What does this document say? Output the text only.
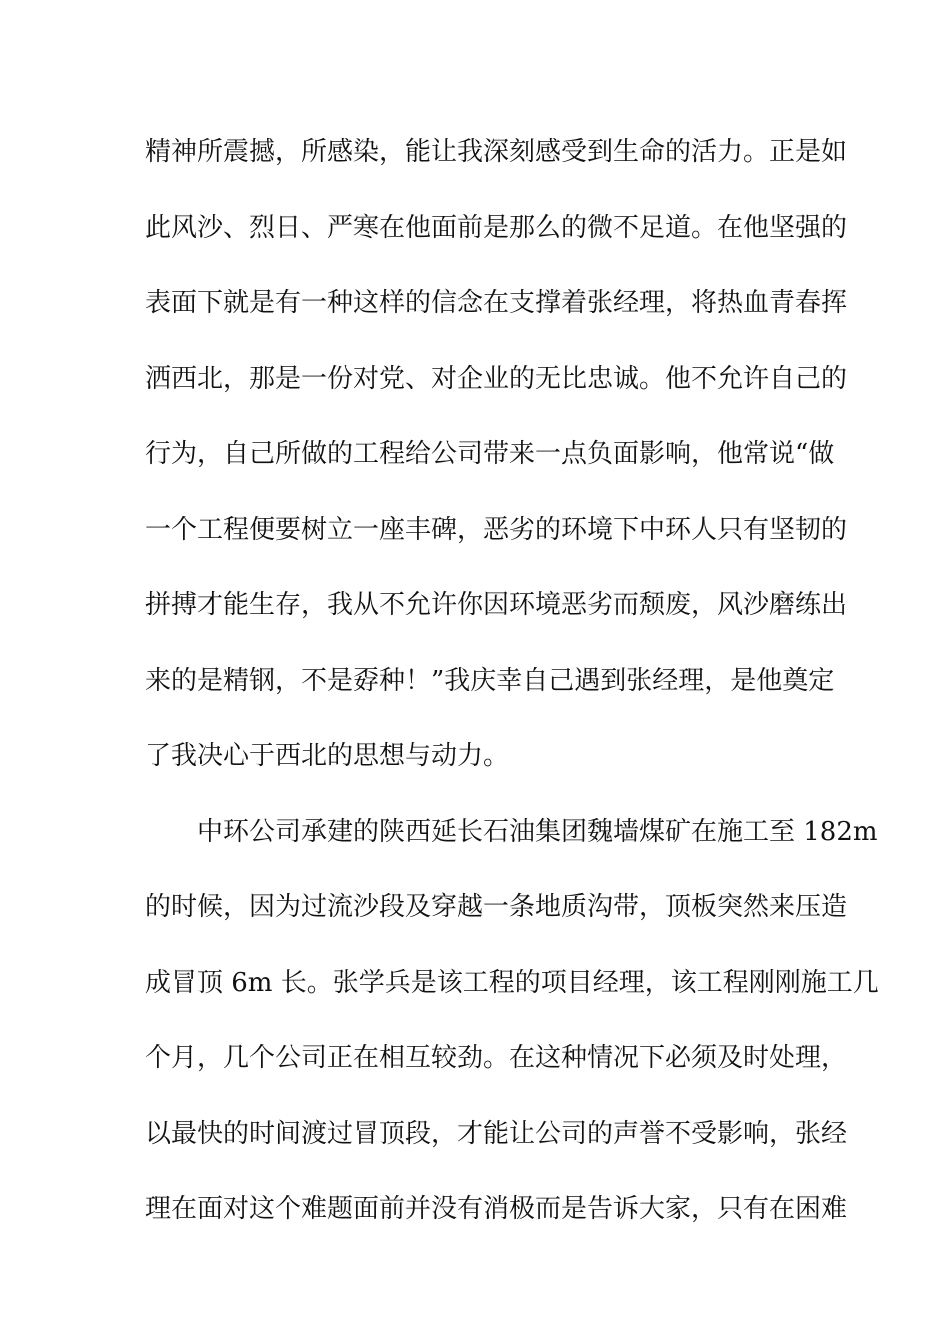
精神所震撼，所感染，能让我深刻感受到生命的活力。正是如
此风沙、烈日、严寒在他面前是那么的微不足道。在他坚强的
表面下就是有一种这样的信念在支撑着张经理，将热血青春挥
洒西北，那是一份对党、对企业的无比忠诚。他不允许自己的
行为，自己所做的工程给公司带来一点负面影响，他常说“做
一个工程便要树立一座丰碑，恶劣的环境下中环人只有坚韧的
拼搏才能生存，我从不允许你因环境恶劣而颓废，风沙磨练出
来的是精钢，不是孬种！”我庆幸自己遇到张经理，是他奠定
了我决心于西北的思想与动力。
中环公司承建的陕西延长石油集团魏墙煤矿在施工至 182m
的时候，因为过流沙段及穿越一条地质沟带，顶板突然来压造
成冒顶 6m 长。张学兵是该工程的项目经理，该工程刚刚施工几
个月，几个公司正在相互较劲。在这种情况下必须及时处理，
以最快的时间渡过冒顶段，才能让公司的声誉不受影响，张经
理在面对这个难题面前并没有消极而是告诉大家，只有在困难
